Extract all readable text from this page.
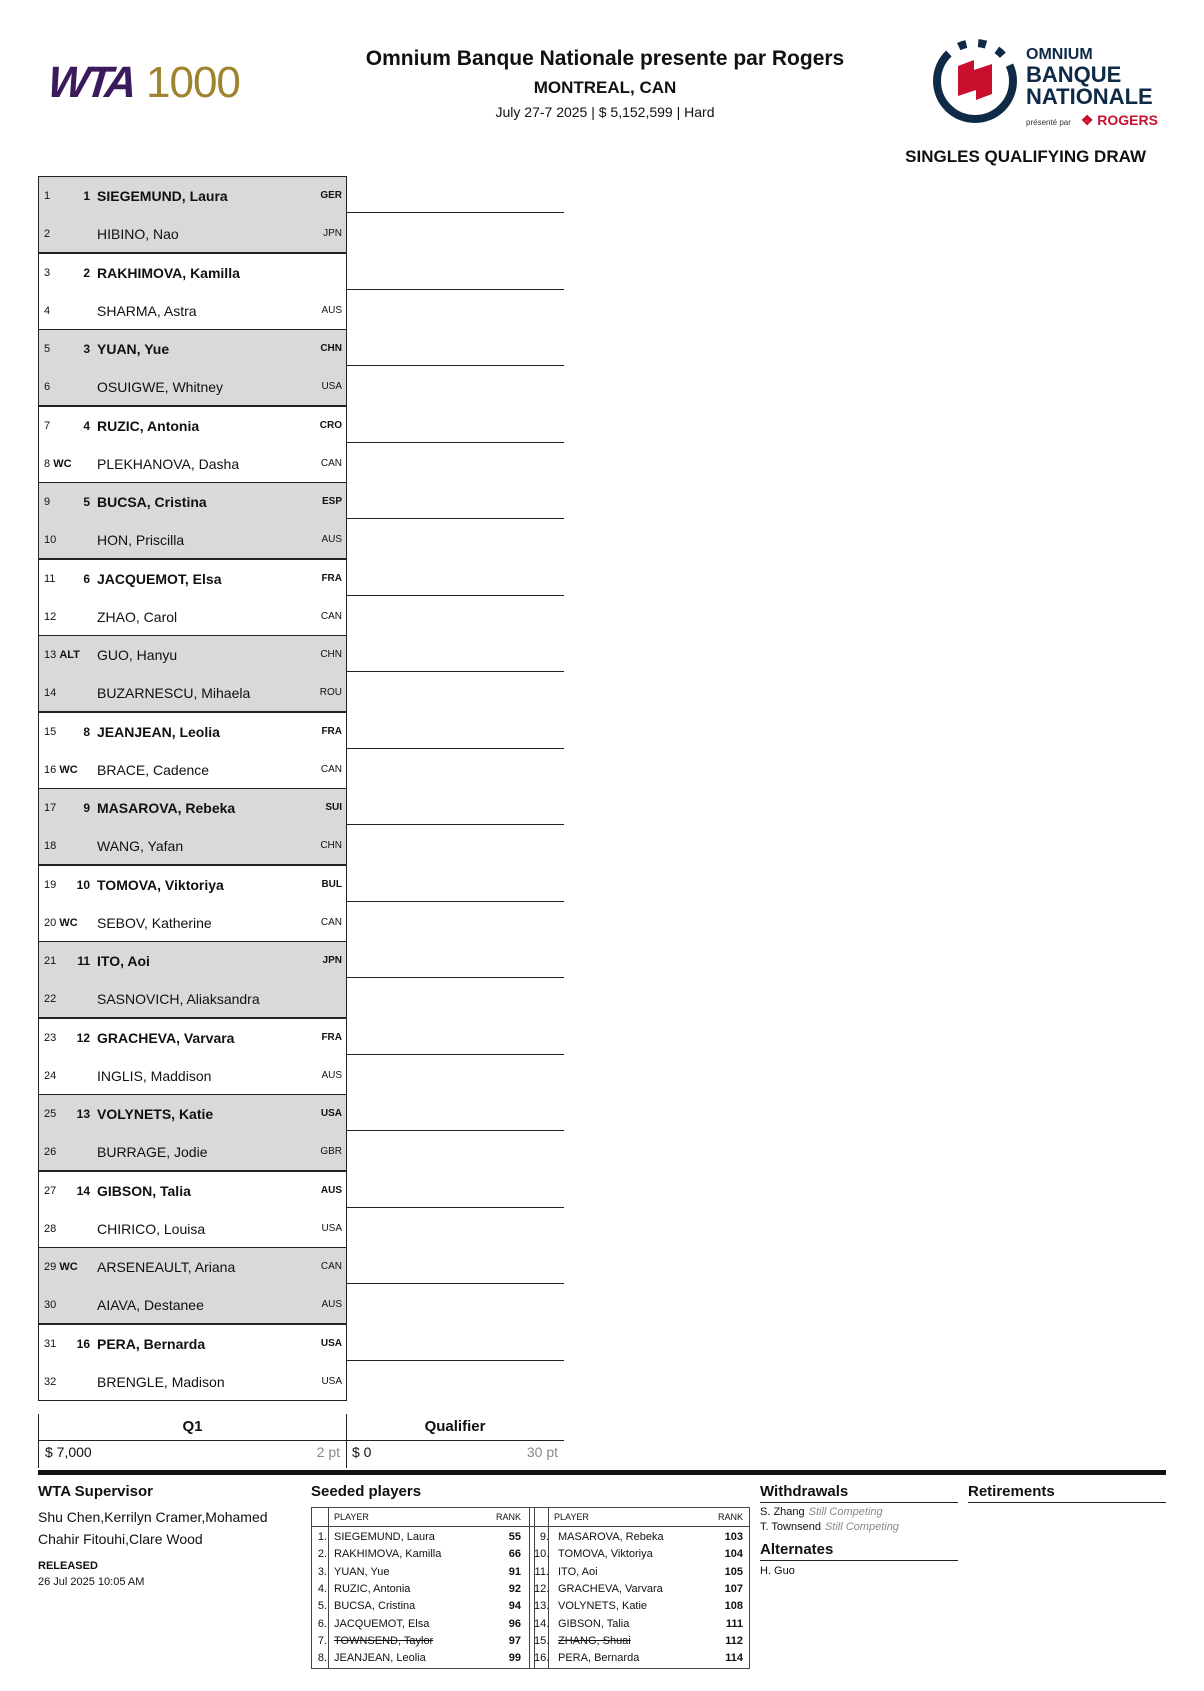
WTA 1000	Omnium Banque Nationale presente par Rogers
MONTREAL, CAN
July 27-7 2025 | $ 5,152,599 | Hard
OMNIUM
BANQUE
NATIONALE
présenté par ❖ ROGERS
SINGLES QUALIFYING DRAW
1	1 SIEGEMUND, Laura	GER
2	HIBINO, Nao	JPN
3	2 RAKHIMOVA, Kamilla
4	SHARMA, Astra	AUS
5	3 YUAN, Yue	CHN
6	OSUIGWE, Whitney	USA
7	4 RUZIC, Antonia	CRO
8 WC PLEKHANOVA, Dasha	CAN
9	5 BUCSA, Cristina	ESP
10	HON, Priscilla	AUS
11	6 JACQUEMOT, Elsa	FRA
12	ZHAO, Carol	CAN
13 ALT GUO, Hanyu	CHN
14	BUZARNESCU, Mihaela	ROU
15	8 JEANJEAN, Leolia	FRA
16 WC BRACE, Cadence	CAN
17	9 MASAROVA, Rebeka	SUI
18	WANG, Yafan	CHN
19 10 TOMOVA, Viktoriya	BUL
20 WC SEBOV, Katherine	CAN
21 11 ITO, Aoi	JPN
22	SASNOVICH, Aliaksandra
23 12 GRACHEVA, Varvara	FRA
24	INGLIS, Maddison	AUS
25 13 VOLYNETS, Katie	USA
26	BURRAGE, Jodie	GBR
27 14 GIBSON, Talia	AUS
28	CHIRICO, Louisa	USA
29 WC ARSENEAULT, Ariana	CAN
30	AIAVA, Destanee	AUS
31 16 PERA, Bernarda	USA
32	BRENGLE, Madison	USA
Q1
$ 7,000	2 pt
Qualifier
$ 0	30 pt
WTA Supervisor
Shu Chen,Kerrilyn Cramer,Mohamed
Chahir Fitouhi,Clare Wood
RELEASED
26 Jul 2025 10:05 AM
Seeded players
PLAYER	RANK	PLAYER	RANK
1. SIEGEMUND, Laura	55
2. RAKHIMOVA, Kamilla	66
3. YUAN, Yue	91
4. RUZIC, Antonia	92
5. BUCSA, Cristina	94
6. JACQUEMOT, Elsa	96
7. TOWNSEND, Taylor	97
8. JEANJEAN, Leolia	99
9. MASAROVA, Rebeka	103
10. TOMOVA, Viktoriya	104
11. ITO, Aoi	105
12. GRACHEVA, Varvara	107
13. VOLYNETS, Katie	108
14. GIBSON, Talia	111
15. ZHANG, Shuai	112
16. PERA, Bernarda	114
Withdrawals
S. Zhang Still Competing
T. Townsend Still Competing
Alternates
H. Guo
Retirements
